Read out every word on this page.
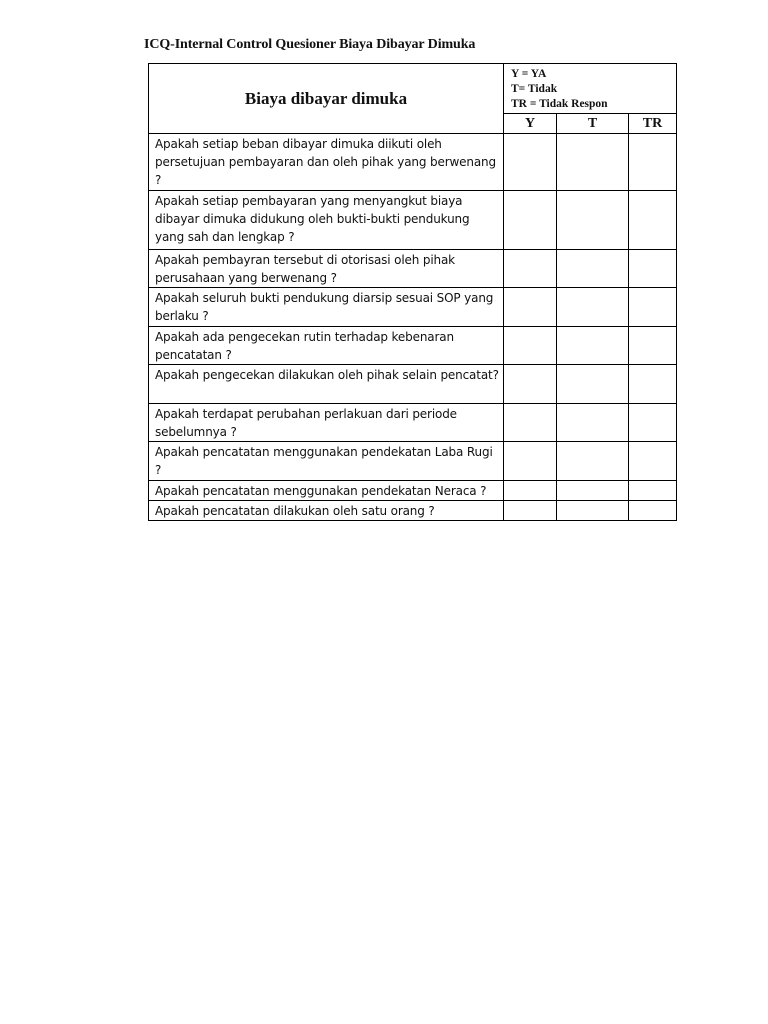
ICQ-Internal Control Quesioner Biaya Dibayar Dimuka
Biaya dibayar dimuka	Y = YA
T= Tidak
TR = Tidak Respon		

	Y	T	TR
Apakah setiap beban dibayar dimuka diikuti oleh persetujuan pembayaran dan oleh pihak yang berwenang ?			
Apakah setiap pembayaran yang menyangkut biaya dibayar dimuka didukung oleh bukti-bukti pendukung yang sah dan lengkap ?			
Apakah pembayran tersebut di otorisasi oleh pihak perusahaan yang berwenang ?			
Apakah seluruh bukti pendukung diarsip sesuai SOP yang berlaku ?			
Apakah ada pengecekan rutin terhadap kebenaran pencatatan ?			
Apakah pengecekan dilakukan oleh pihak selain pencatat?			
Apakah terdapat perubahan perlakuan dari periode sebelumnya ?			
Apakah pencatatan menggunakan pendekatan Laba Rugi ?			
Apakah pencatatan menggunakan pendekatan Neraca ?			
Apakah pencatatan dilakukan oleh satu orang ?			
